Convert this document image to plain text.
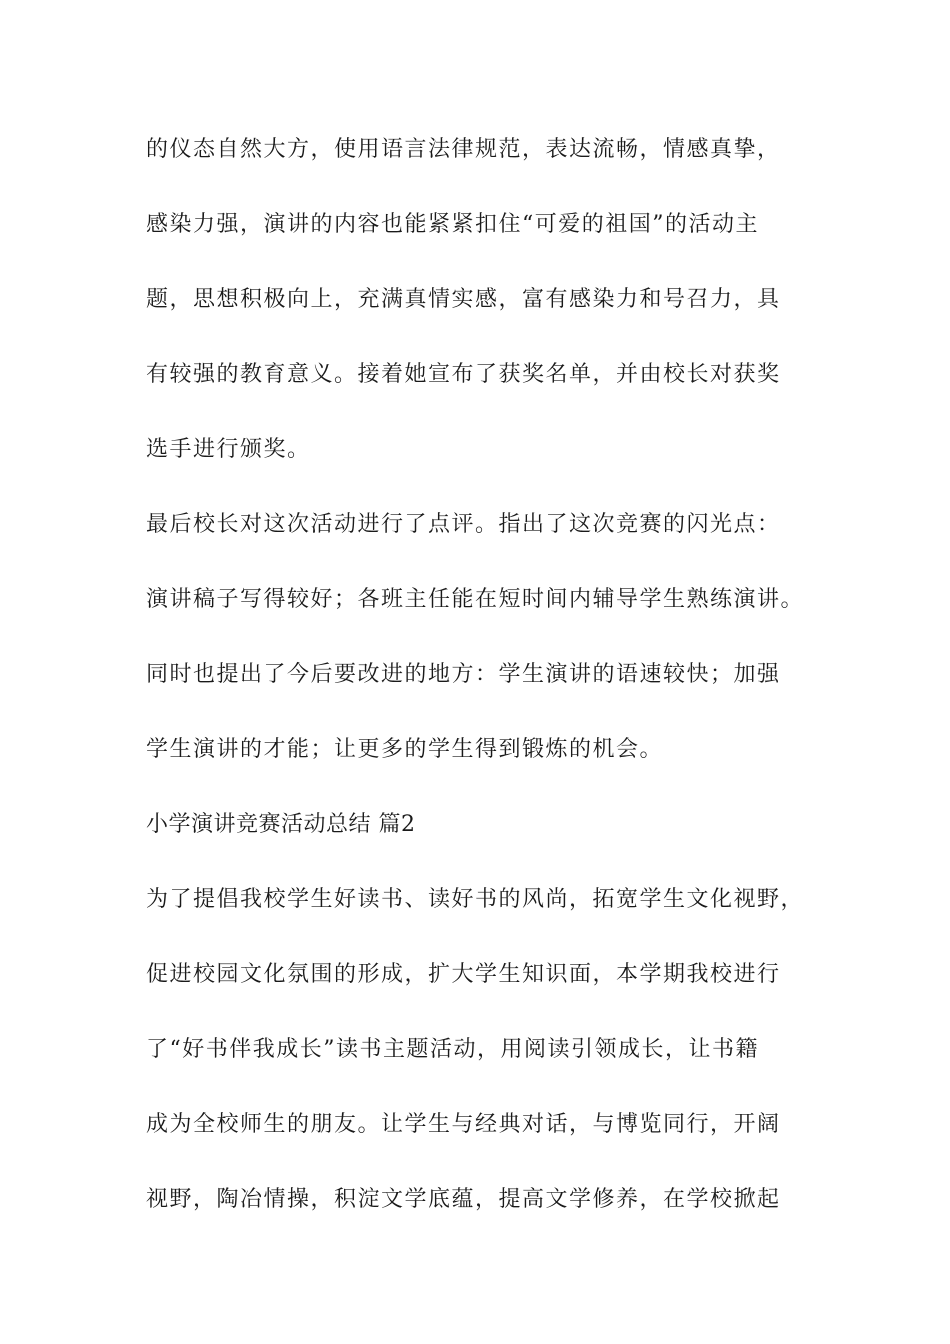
的仪态自然大方，使用语言法律规范，表达流畅，情感真挚，
感染力强，演讲的内容也能紧紧扣住“可爱的祖国”的活动主
题，思想积极向上，充满真情实感，富有感染力和号召力，具
有较强的教育意义。接着她宣布了获奖名单，并由校长对获奖
选手进行颁奖。
最后校长对这次活动进行了点评。指出了这次竞赛的闪光点：
演讲稿子写得较好；各班主任能在短时间内辅导学生熟练演讲。
同时也提出了今后要改进的地方：学生演讲的语速较快；加强
学生演讲的才能；让更多的学生得到锻炼的机会。
小学演讲竞赛活动总结 篇2
为了提倡我校学生好读书、读好书的风尚，拓宽学生文化视野，
促进校园文化氛围的形成，扩大学生知识面，本学期我校进行
了“好书伴我成长”读书主题活动，用阅读引领成长，让书籍
成为全校师生的朋友。让学生与经典对话，与博览同行，开阔
视野，陶冶情操，积淀文学底蕴，提高文学修养，在学校掀起
